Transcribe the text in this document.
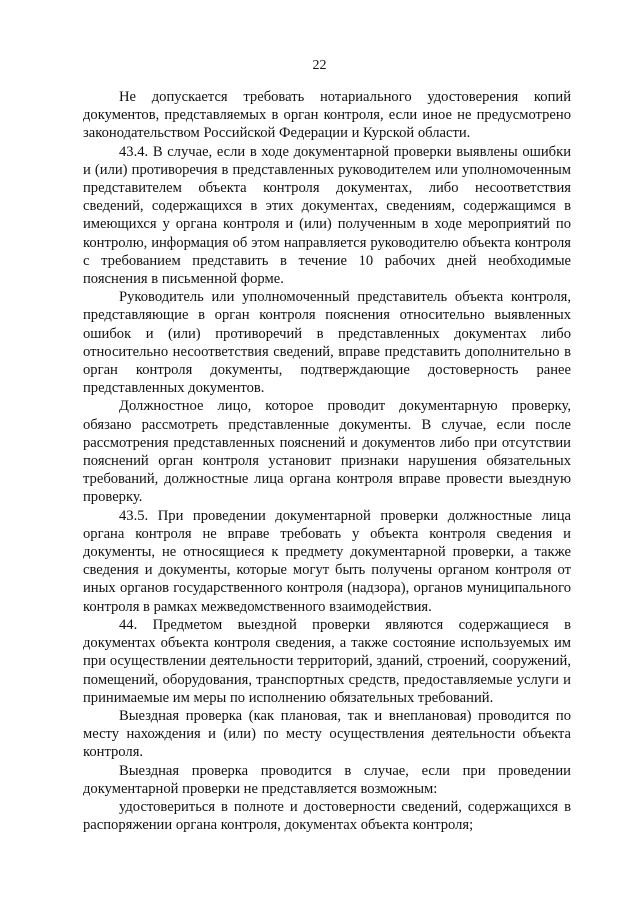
22

Не допускается требовать нотариального удостоверения копий документов, представляемых в орган контроля, если иное не предусмотрено законодательством Российской Федерации и Курской области.

43.4. В случае, если в ходе документарной проверки выявлены ошибки и (или) противоречия в представленных руководителем или уполномоченным представителем объекта контроля документах, либо несоответствия сведений, содержащихся в этих документах, сведениям, содержащимся в имеющихся у органа контроля и (или) полученным в ходе мероприятий по контролю, информация об этом направляется руководителю объекта контроля с требованием представить в течение 10 рабочих дней необходимые пояснения в письменной форме.

Руководитель или уполномоченный представитель объекта контроля, представляющие в орган контроля пояснения относительно выявленных ошибок и (или) противоречий в представленных документах либо относительно несоответствия сведений, вправе представить дополнительно в орган контроля документы, подтверждающие достоверность ранее представленных документов.

Должностное лицо, которое проводит документарную проверку, обязано рассмотреть представленные документы. В случае, если после рассмотрения представленных пояснений и документов либо при отсутствии пояснений орган контроля установит признаки нарушения обязательных требований, должностные лица органа контроля вправе провести выездную проверку.

43.5. При проведении документарной проверки должностные лица органа контроля не вправе требовать у объекта контроля сведения и документы, не относящиеся к предмету документарной проверки, а также сведения и документы, которые могут быть получены органом контроля от иных органов государственного контроля (надзора), органов муниципального контроля в рамках межведомственного взаимодействия.

44. Предметом выездной проверки являются содержащиеся в документах объекта контроля сведения, а также состояние используемых им при осуществлении деятельности территорий, зданий, строений, сооружений, помещений, оборудования, транспортных средств, предоставляемые услуги и принимаемые им меры по исполнению обязательных требований.

Выездная проверка (как плановая, так и внеплановая) проводится по месту нахождения и (или) по месту осуществления деятельности объекта контроля.

Выездная проверка проводится в случае, если при проведении документарной проверки не представляется возможным:

удостовериться в полноте и достоверности сведений, содержащихся в распоряжении органа контроля, документах объекта контроля;
